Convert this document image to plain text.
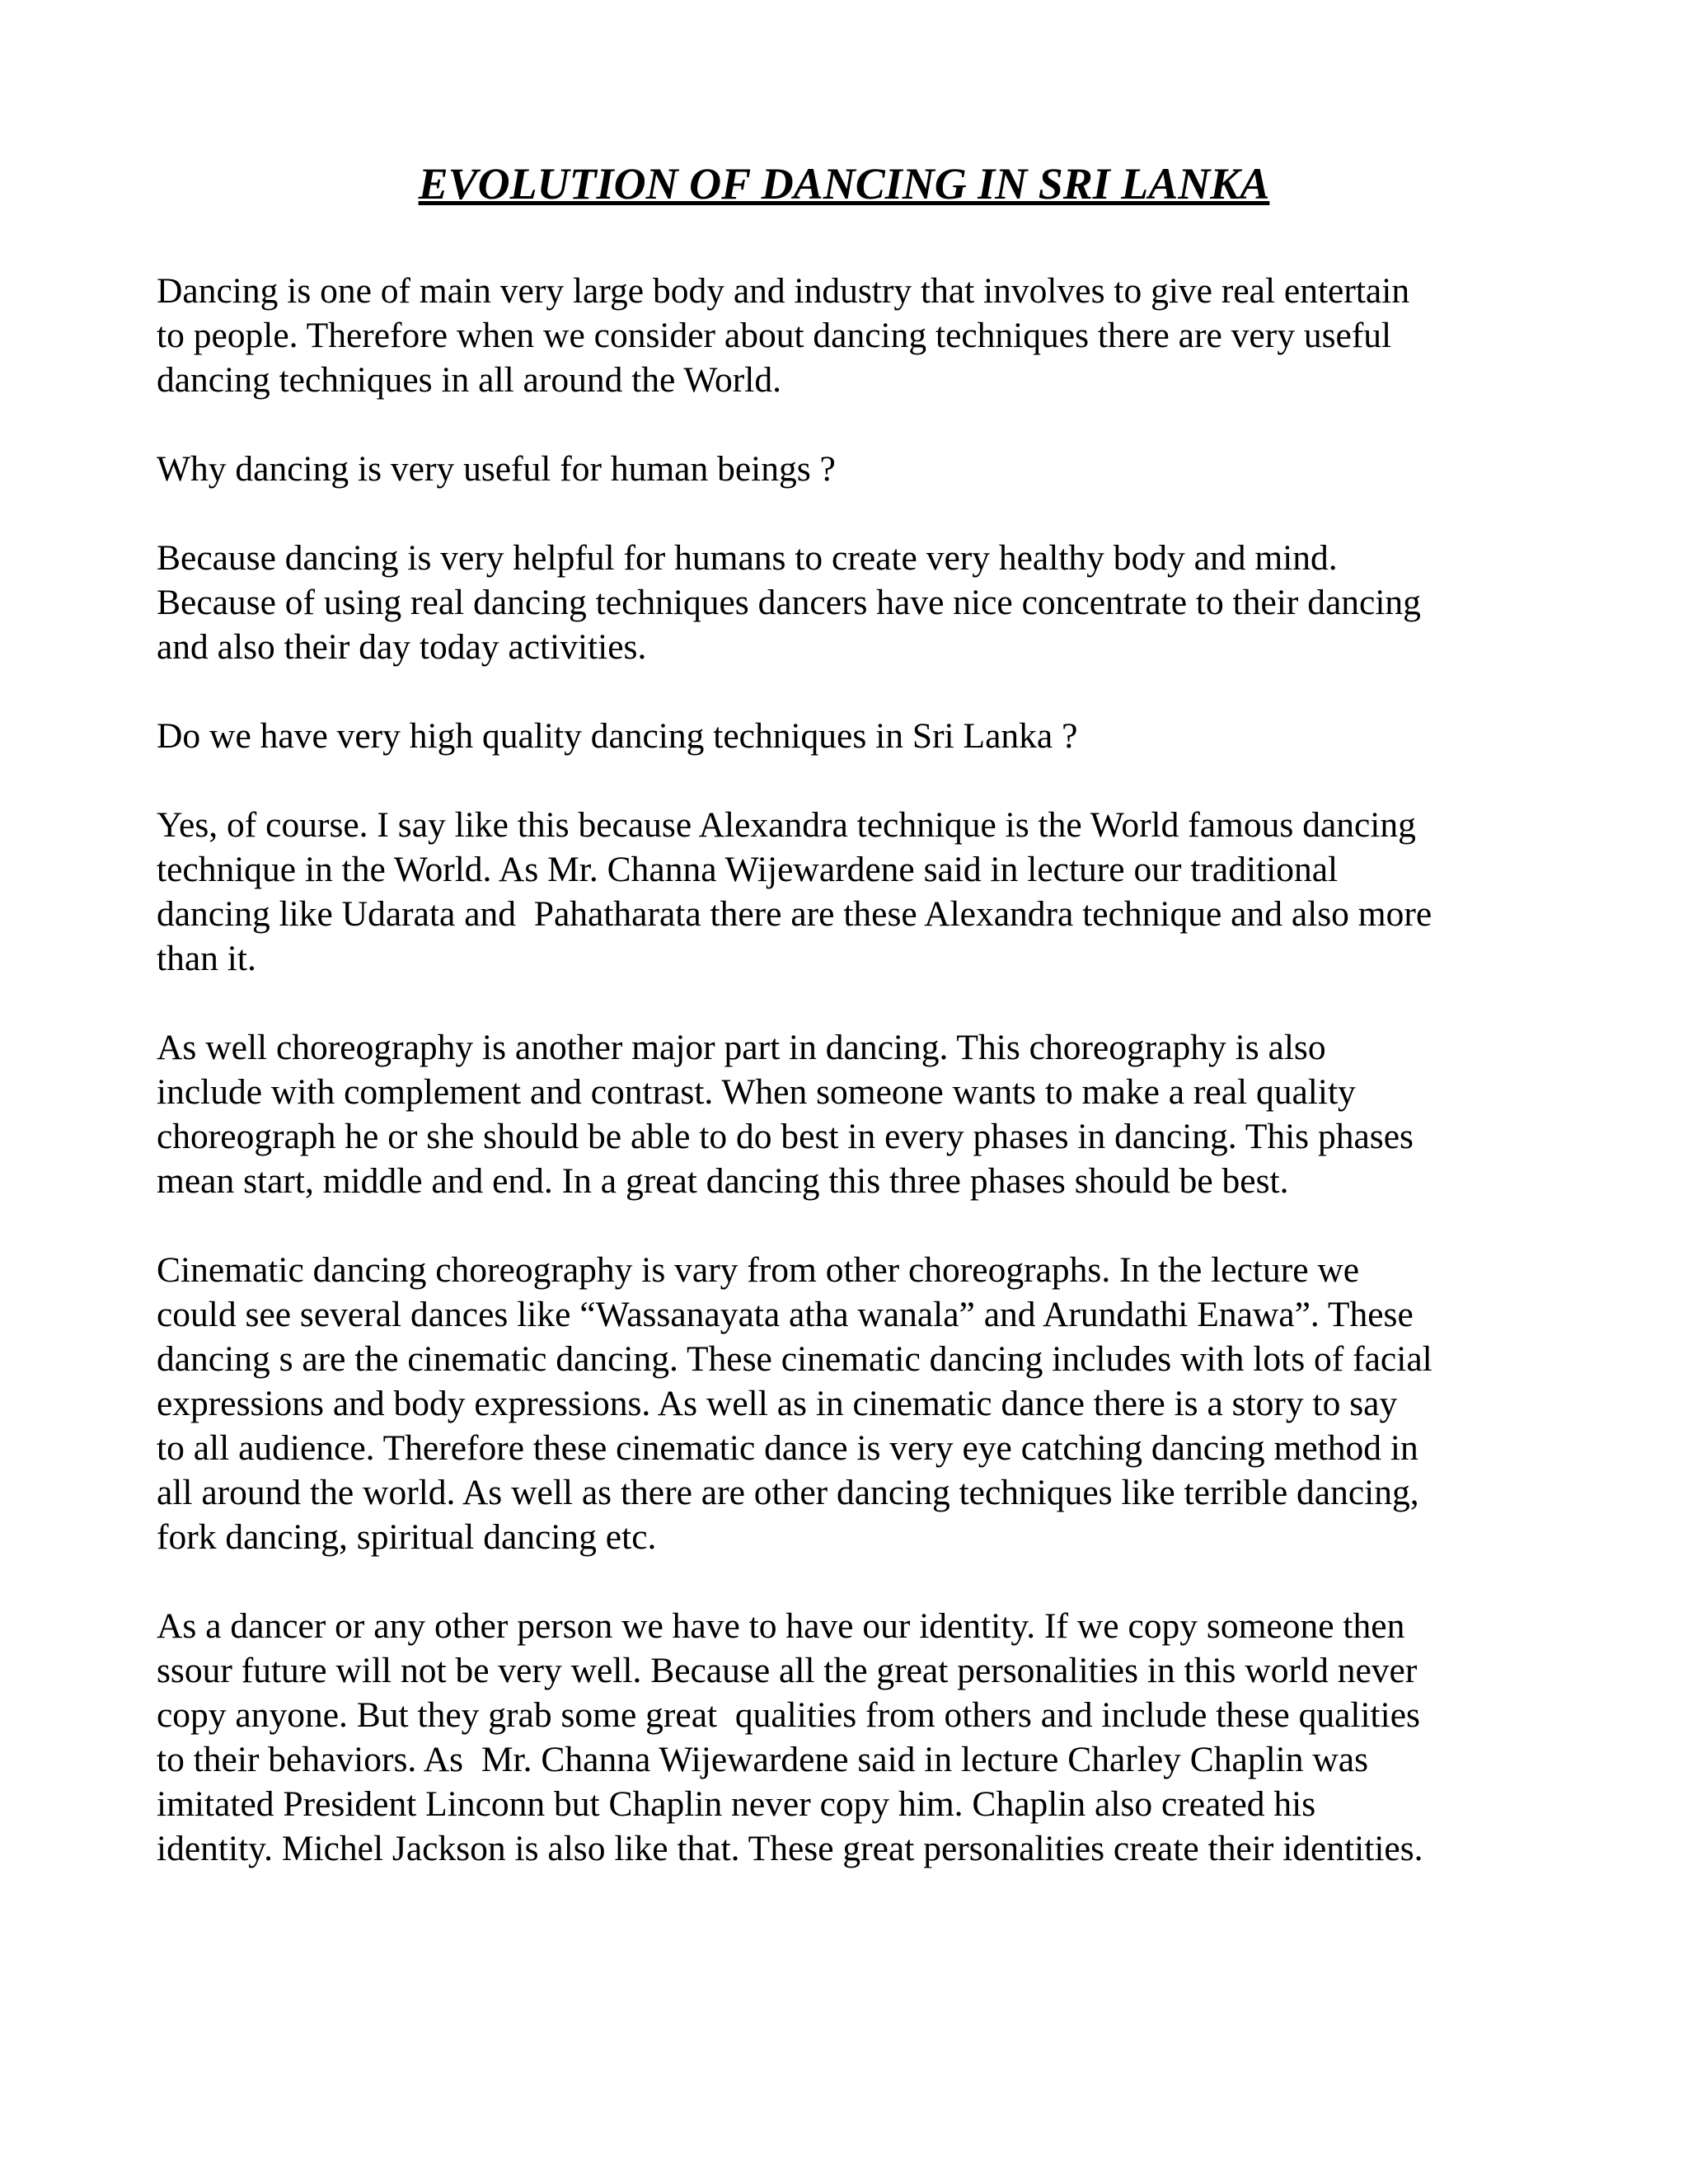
EVOLUTION OF DANCING IN SRI LANKA

Dancing is one of main very large body and industry that involves to give real entertain
to people. Therefore when we consider about dancing techniques there are very useful
dancing techniques in all around the World.

Why dancing is very useful for human beings ?

Because dancing is very helpful for humans to create very healthy body and mind.
Because of using real dancing techniques dancers have nice concentrate to their dancing
and also their day today activities.

Do we have very high quality dancing techniques in Sri Lanka ?

Yes, of course. I say like this because Alexandra technique is the World famous dancing
technique in the World. As Mr. Channa Wijewardene said in lecture our traditional
dancing like Udarata and  Pahatharata there are these Alexandra technique and also more
than it.

As well choreography is another major part in dancing. This choreography is also
include with complement and contrast. When someone wants to make a real quality
choreograph he or she should be able to do best in every phases in dancing. This phases
mean start, middle and end. In a great dancing this three phases should be best.

Cinematic dancing choreography is vary from other choreographs. In the lecture we
could see several dances like “Wassanayata atha wanala” and Arundathi Enawa”. These
dancing s are the cinematic dancing. These cinematic dancing includes with lots of facial
expressions and body expressions. As well as in cinematic dance there is a story to say
to all audience. Therefore these cinematic dance is very eye catching dancing method in
all around the world. As well as there are other dancing techniques like terrible dancing,
fork dancing, spiritual dancing etc.

As a dancer or any other person we have to have our identity. If we copy someone then
ssour future will not be very well. Because all the great personalities in this world never
copy anyone. But they grab some great  qualities from others and include these qualities
to their behaviors. As  Mr. Channa Wijewardene said in lecture Charley Chaplin was
imitated President Linconn but Chaplin never copy him. Chaplin also created his
identity. Michel Jackson is also like that. These great personalities create their identities.
